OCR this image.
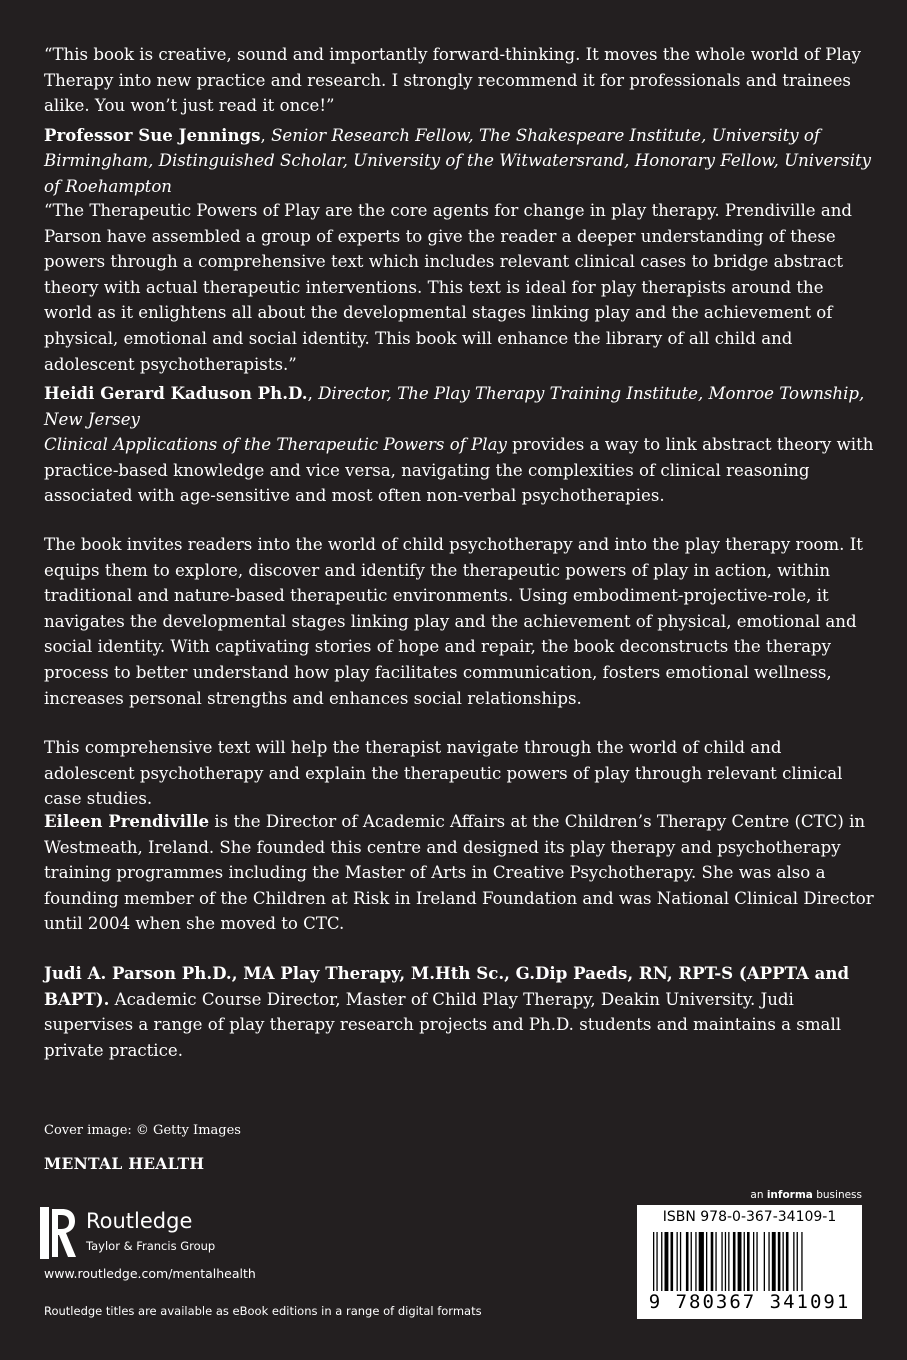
“This book is creative, sound and importantly forward-thinking. It moves the whole world of Play Therapy into new practice and research. I strongly recommend it for professionals and trainees alike. You won’t just read it once!”

Professor Sue Jennings, Senior Research Fellow, The Shakespeare Institute, University of Birmingham, Distinguished Scholar, University of the Witwatersrand, Honorary Fellow, University of Roehampton

“The Therapeutic Powers of Play are the core agents for change in play therapy. Prendiville and Parson have assembled a group of experts to give the reader a deeper understanding of these powers through a comprehensive text which includes relevant clinical cases to bridge abstract theory with actual therapeutic interventions. This text is ideal for play therapists around the world as it enlightens all about the developmental stages linking play and the achievement of physical, emotional and social identity. This book will enhance the library of all child and adolescent psychotherapists.”

Heidi Gerard Kaduson Ph.D., Director, The Play Therapy Training Institute, Monroe Township, New Jersey

Clinical Applications of the Therapeutic Powers of Play provides a way to link abstract theory with practice-based knowledge and vice versa, navigating the complexities of clinical reasoning associated with age-sensitive and most often non-verbal psychotherapies.

The book invites readers into the world of child psychotherapy and into the play therapy room. It equips them to explore, discover and identify the therapeutic powers of play in action, within traditional and nature-based therapeutic environments. Using embodiment-projective-role, it navigates the developmental stages linking play and the achievement of physical, emotional and social identity. With captivating stories of hope and repair, the book deconstructs the therapy process to better understand how play facilitates communication, fosters emotional wellness, increases personal strengths and enhances social relationships.

This comprehensive text will help the therapist navigate through the world of child and adolescent psychotherapy and explain the therapeutic powers of play through relevant clinical case studies.

Eileen Prendiville is the Director of Academic Affairs at the Children’s Therapy Centre (CTC) in Westmeath, Ireland. She founded this centre and designed its play therapy and psychotherapy training programmes including the Master of Arts in Creative Psychotherapy. She was also a founding member of the Children at Risk in Ireland Foundation and was National Clinical Director until 2004 when she moved to CTC.

Judi A. Parson Ph.D., MA Play Therapy, M.Hth Sc., G.Dip Paeds, RN, RPT-S (APPTA and BAPT). Academic Course Director, Master of Child Play Therapy, Deakin University. Judi supervises a range of play therapy research projects and Ph.D. students and maintains a small private practice.

Cover image: © Getty Images
MENTAL HEALTH
Routledge
Taylor & Francis Group
www.routledge.com/mentalhealth
Routledge titles are available as eBook editions in a range of digital formats
an informa business
ISBN 978-0-367-34109-1
9 780367 341091
